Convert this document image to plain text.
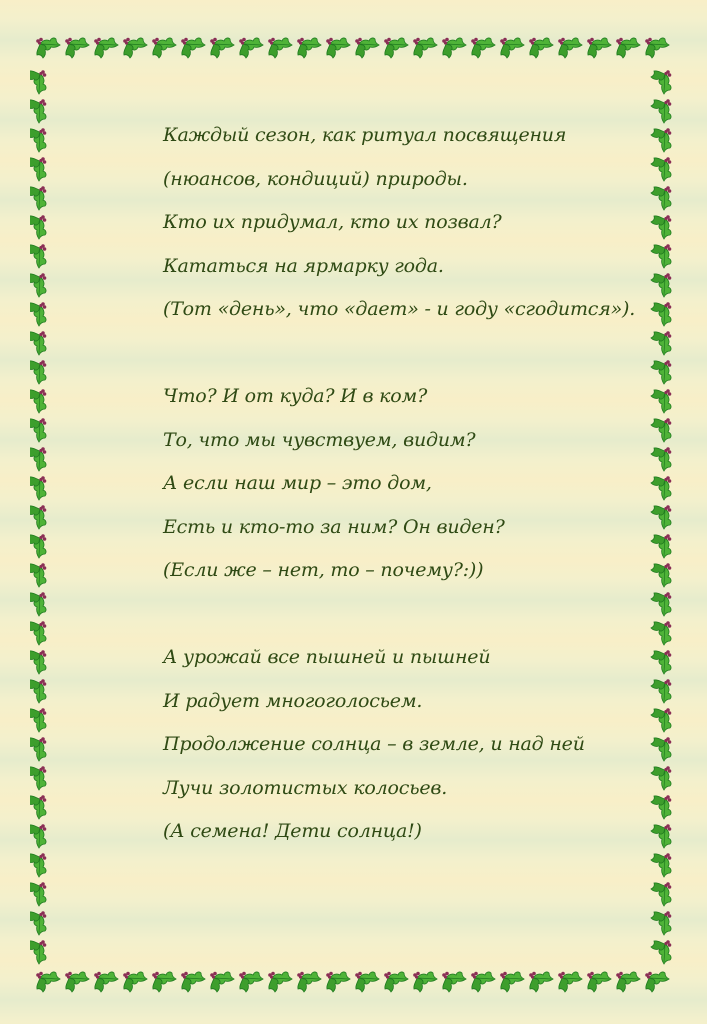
Каждый сезон, как ритуал посвящения
(нюансов, кондиций) природы.
Кто их придумал, кто их позвал?
Кататься на ярмарку года.
(Тот «день», что «дает» - и году «сгодится»).
Что? И от куда? И в ком?
То, что мы чувствуем, видим?
А если наш мир – это дом,
Есть и кто-то за ним? Он виден?
(Если же – нет, то – почему?:))
А урожай все пышней и пышней
И радует многоголосьем.
Продолжение солнца – в земле, и над ней
Лучи золотистых колосьев.
(А семена! Дети солнца!)
